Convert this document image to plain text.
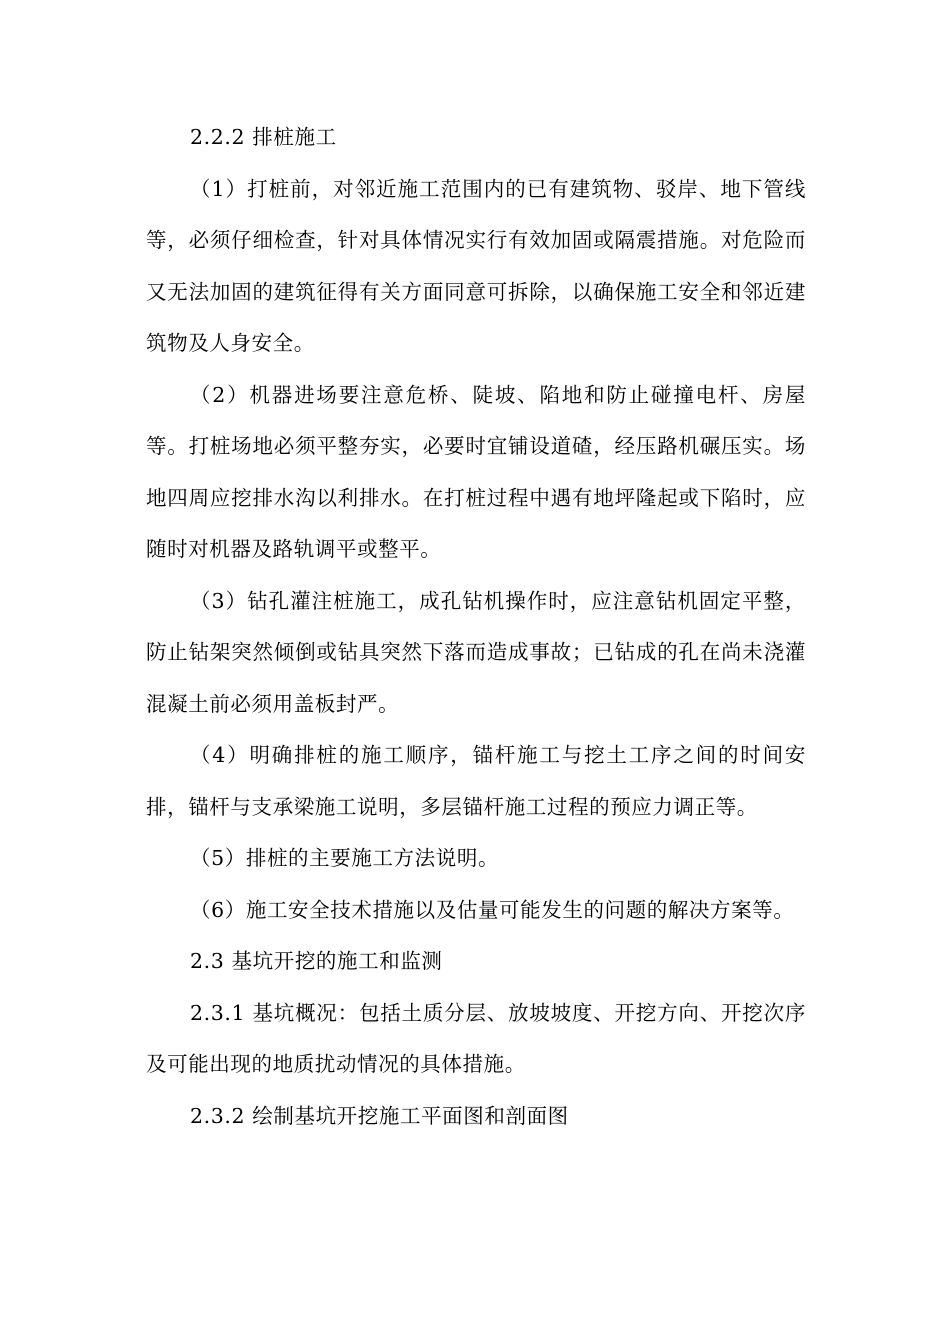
2.2.2 排桩施工

（1）打桩前，对邻近施工范围内的已有建筑物、驳岸、地下管线等，必须仔细检查，针对具体情况实行有效加固或隔震措施。对危险而又无法加固的建筑征得有关方面同意可拆除，以确保施工安全和邻近建筑物及人身安全。

（2）机器进场要注意危桥、陡坡、陷地和防止碰撞电杆、房屋等。打桩场地必须平整夯实，必要时宜铺设道碴，经压路机碾压实。场地四周应挖排水沟以利排水。在打桩过程中遇有地坪隆起或下陷时，应随时对机器及路轨调平或整平。

（3）钻孔灌注桩施工，成孔钻机操作时，应注意钻机固定平整，防止钻架突然倾倒或钻具突然下落而造成事故；已钻成的孔在尚未浇灌混凝土前必须用盖板封严。

（4）明确排桩的施工顺序，锚杆施工与挖土工序之间的时间安排，锚杆与支承梁施工说明，多层锚杆施工过程的预应力调正等。

（5）排桩的主要施工方法说明。

（6）施工安全技术措施以及估量可能发生的问题的解决方案等。

2.3 基坑开挖的施工和监测

2.3.1 基坑概况：包括土质分层、放坡坡度、开挖方向、开挖次序及可能出现的地质扰动情况的具体措施。

2.3.2 绘制基坑开挖施工平面图和剖面图
